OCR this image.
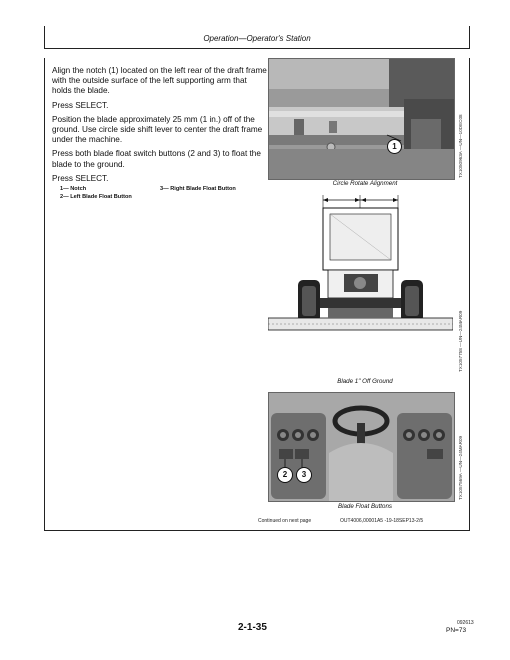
Operation—Operator's Station

Align the notch (1) located on the left rear of the draft frame with the outside surface of the left supporting arm that holds the blade.

Press SELECT.

Position the blade approximately 25 mm (1 in.) off of the ground. Use circle side shift lever to center the draft frame under the machine.

Press both blade float switch buttons (2 and 3) to float the blade to the ground.

Press SELECT.

1— Notch
2— Left Blade Float Button
3— Right Blade Float Button
1	TX1050963A —UN—10DEC08
Circle Rotate Alignment
TX1057758 —UN—24MAR09
Blade 1" Off Ground
2	3	TX1057569A —UN—24MAR09
Blade Float Buttons
Continued on next page	OUT4006,00001A5 -19-18SEP13-2/5
2-1-35	092613
PN=73
